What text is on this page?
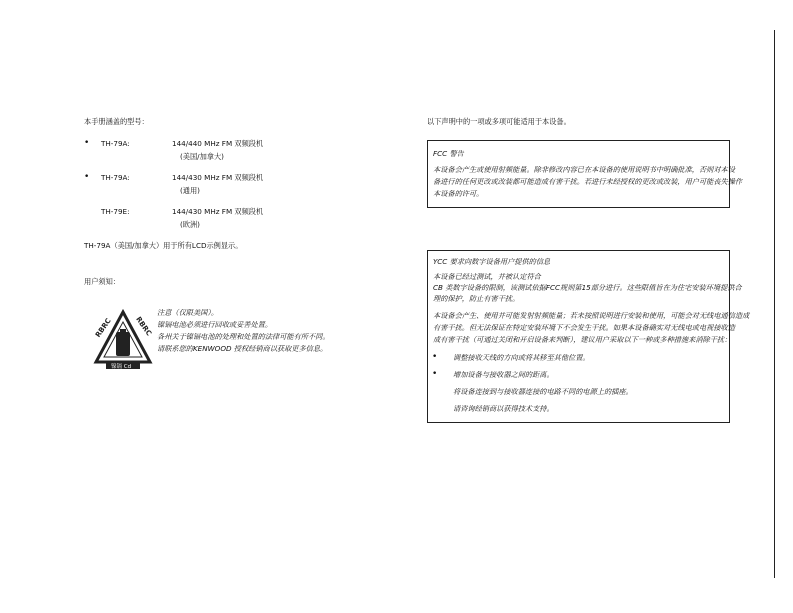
本手册涵盖的型号：
• TH-79A:	144/440 MHz FM 双频段机
(美国/加拿大)
• TH-79A:	144/430 MHz FM 双频段机
(通用)
TH-79E:	144/430 MHz FM 双频段机
(欧洲)
TH-79A（美国/加拿大）用于所有LCD示例显示。
用户须知：
RBRC	RBRC
镍镉 Cd
注意（仅限美国）。
镍镉电池必须进行回收或妥善处置。
各州关于镍镉电池的处理和处置的法律可能有所不同。
请联系您的KENWOOD 授权经销商以获取更多信息。
以下声明中的一项或多项可能适用于本设备。
FCC 警告
本设备会产生或使用射频能量。除非修改内容已在本设备的使用说明书中明确批准，否则对本设
备进行的任何更改或改装都可能造成有害干扰。若进行未经授权的更改或改装，用户可能丧失操作
本设备的许可。
YCC 要求向数字设备用户提供的信息
本设备已经过测试，并被认定符合
CB 类数字设备的限制，该测试依据FCC规则第15部分进行。这些限值旨在为住宅安装环境提供合
理的保护，防止有害干扰。
本设备会产生、使用并可能发射射频能量；若未按照说明进行安装和使用，可能会对无线电通信造成
有害干扰。但无法保证在特定安装环境下不会发生干扰。如果本设备确实对无线电或电视接收造
成有害干扰（可通过关闭和开启设备来判断），建议用户采取以下一种或多种措施来消除干扰：
• 调整接收天线的方向或将其移至其他位置。
• 增加设备与接收器之间的距离。
将设备连接到与接收器连接的电路不同的电源上的插座。
请咨询经销商以获得技术支持。
